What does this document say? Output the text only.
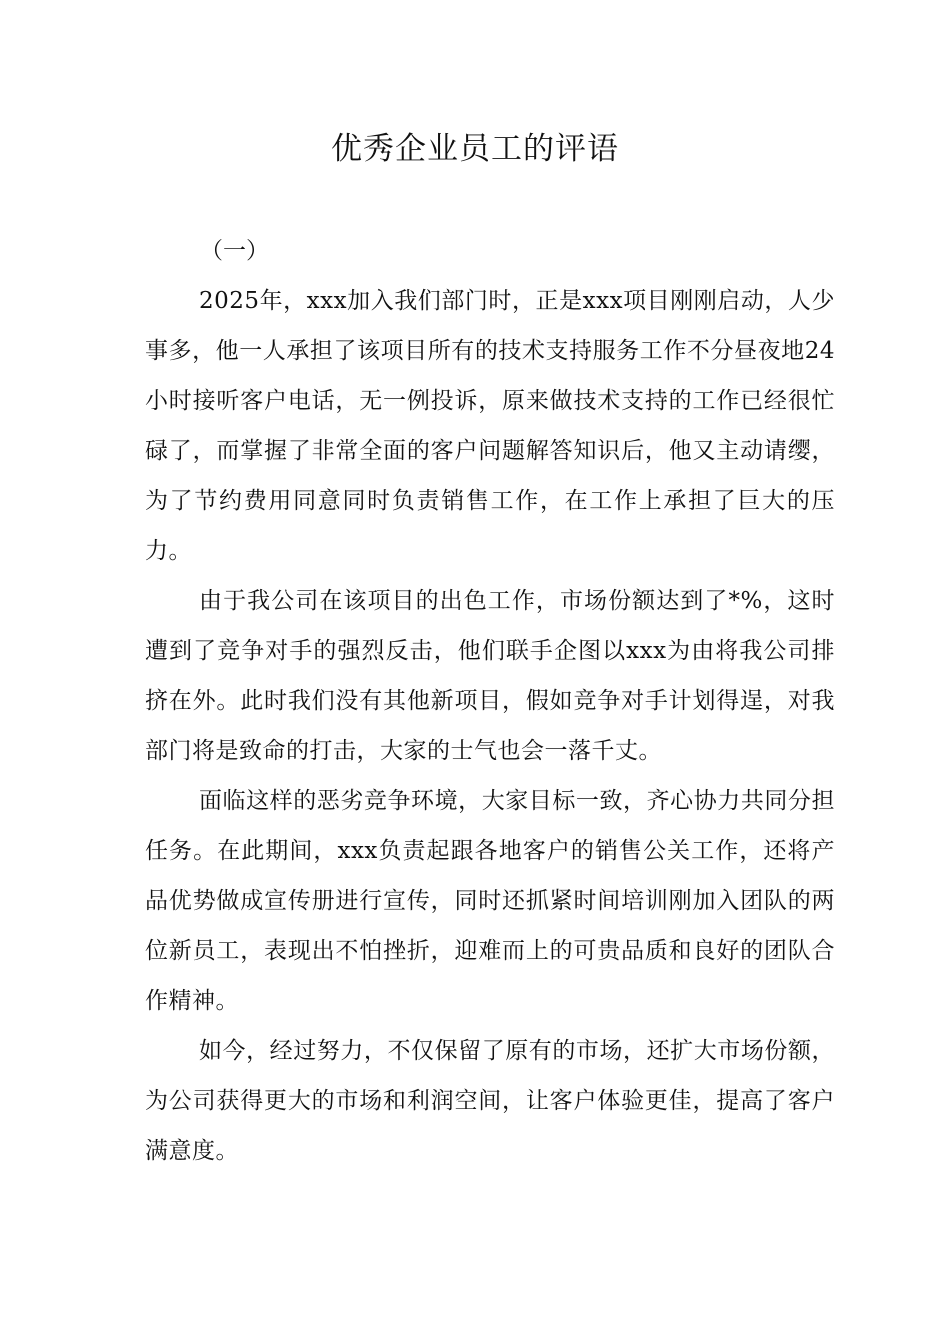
优秀企业员工的评语

（一）

2025年，xxx加入我们部门时，正是xxx项目刚刚启动，人少事多，他一人承担了该项目所有的技术支持服务工作不分昼夜地24小时接听客户电话，无一例投诉，原来做技术支持的工作已经很忙碌了，而掌握了非常全面的客户问题解答知识后，他又主动请缨，为了节约费用同意同时负责销售工作，在工作上承担了巨大的压力。

由于我公司在该项目的出色工作，市场份额达到了*%，这时遭到了竞争对手的强烈反击，他们联手企图以xxx为由将我公司排挤在外。此时我们没有其他新项目，假如竞争对手计划得逞，对我部门将是致命的打击，大家的士气也会一落千丈。

面临这样的恶劣竞争环境，大家目标一致，齐心协力共同分担任务。在此期间，xxx负责起跟各地客户的销售公关工作，还将产品优势做成宣传册进行宣传，同时还抓紧时间培训刚加入团队的两位新员工，表现出不怕挫折，迎难而上的可贵品质和良好的团队合作精神。

如今，经过努力，不仅保留了原有的市场，还扩大市场份额，为公司获得更大的市场和利润空间，让客户体验更佳，提高了客户满意度。
